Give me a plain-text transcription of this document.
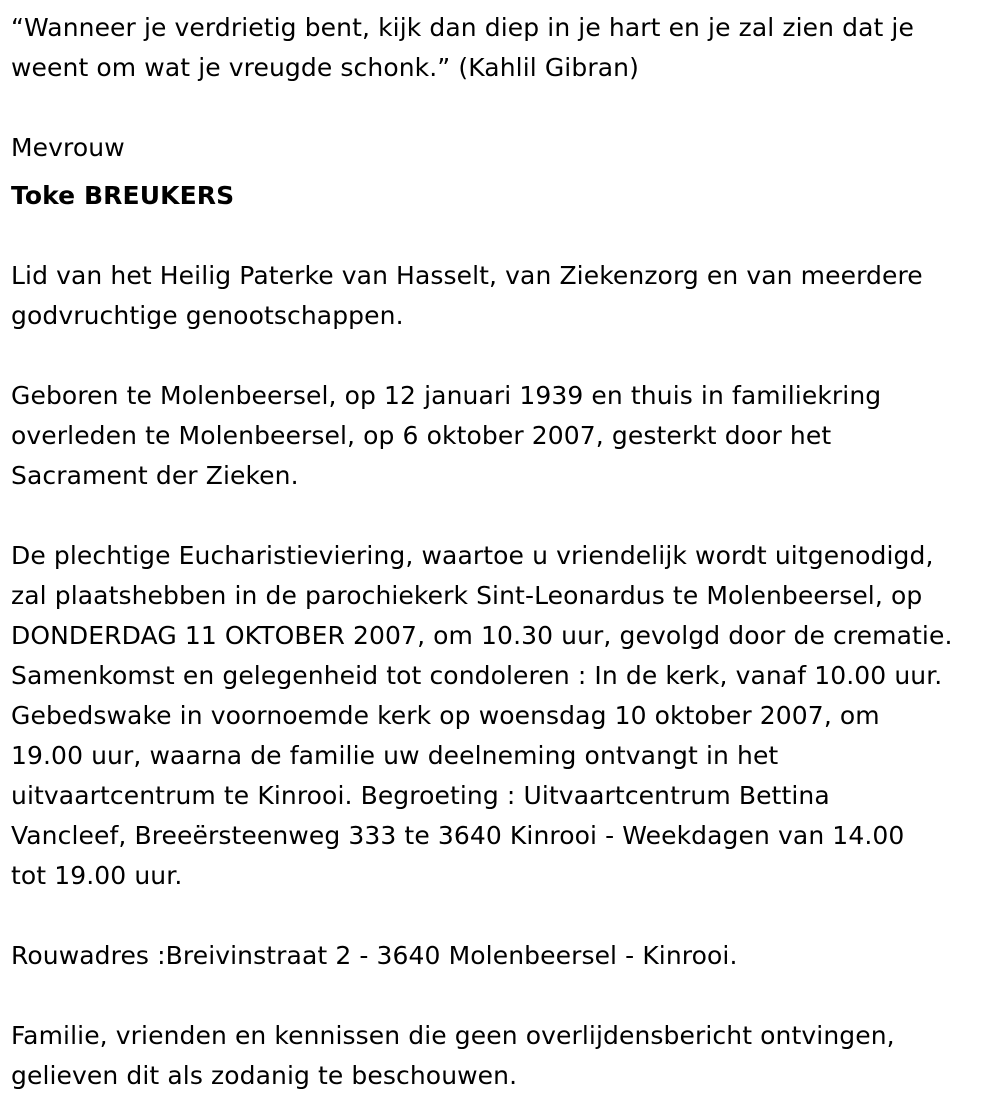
“Wanneer je verdrietig bent, kijk dan diep in je hart en je zal zien dat je

weent om wat je vreugde schonk.” (Kahlil Gibran)

Mevrouw

Toke BREUKERS

Lid van het Heilig Paterke van Hasselt, van Ziekenzorg en van meerdere

godvruchtige genootschappen.

Geboren te Molenbeersel, op 12 januari 1939 en thuis in familiekring

overleden te Molenbeersel, op 6 oktober 2007, gesterkt door het

Sacrament der Zieken.

De plechtige Eucharistieviering, waartoe u vriendelijk wordt uitgenodigd,

zal plaatshebben in de parochiekerk Sint-Leonardus te Molenbeersel, op

DONDERDAG 11 OKTOBER 2007, om 10.30 uur, gevolgd door de crematie.

Samenkomst en gelegenheid tot condoleren : In de kerk, vanaf 10.00 uur.

Gebedswake in voornoemde kerk op woensdag 10 oktober 2007, om

19.00 uur, waarna de familie uw deelneming ontvangt in het

uitvaartcentrum te Kinrooi. Begroeting : Uitvaartcentrum Bettina

Vancleef, Breeërsteenweg 333 te 3640 Kinrooi - Weekdagen van 14.00

tot 19.00 uur.

Rouwadres :Breivinstraat 2 - 3640 Molenbeersel - Kinrooi.

Familie, vrienden en kennissen die geen overlijdensbericht ontvingen,

gelieven dit als zodanig te beschouwen.
